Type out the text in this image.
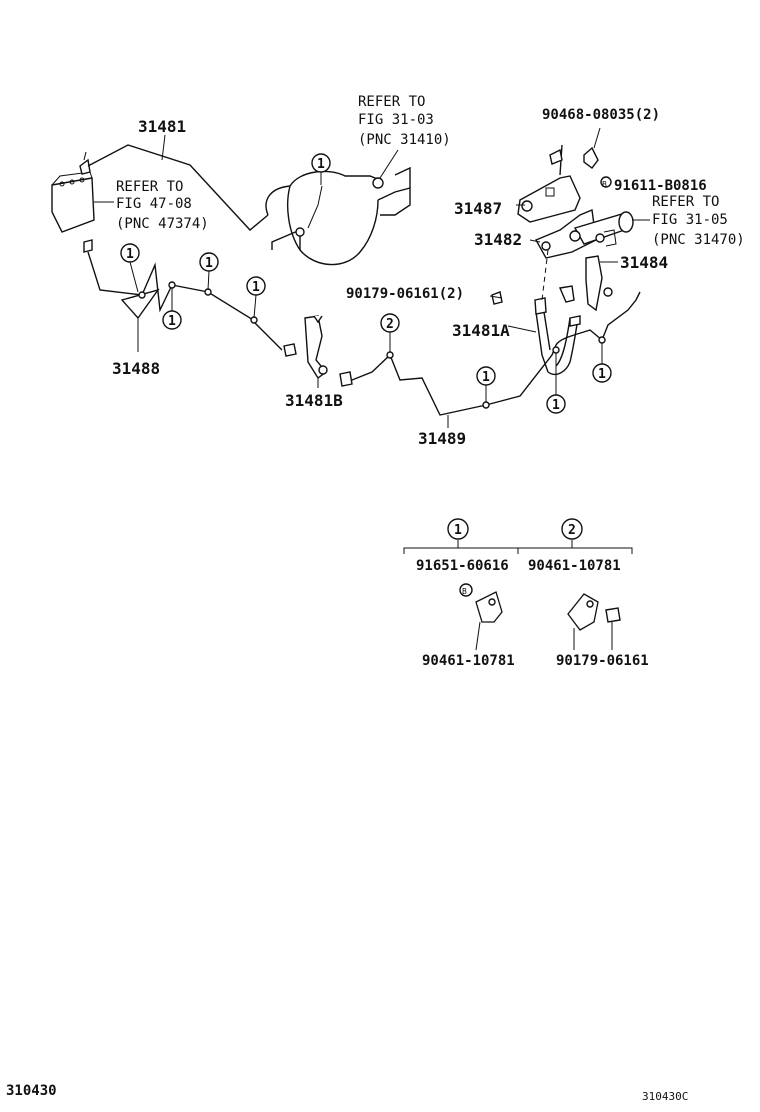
B
1
1
1
1
1	2
1
1
1
31481
31488
31481B
31489
31481A
31487
31482
31484
90468-08035(2)
91611-B0816
90179-06161(2)
REFER TO
FIG 47-08
(PNC 47374)
REFER TO
FIG 31-03
(PNC 31410)
REFER TO
FIG 31-05
(PNC 31470)
1	2
91651-60616 90461-10781
B
90461-10781	90179-06161
310430	310430C
